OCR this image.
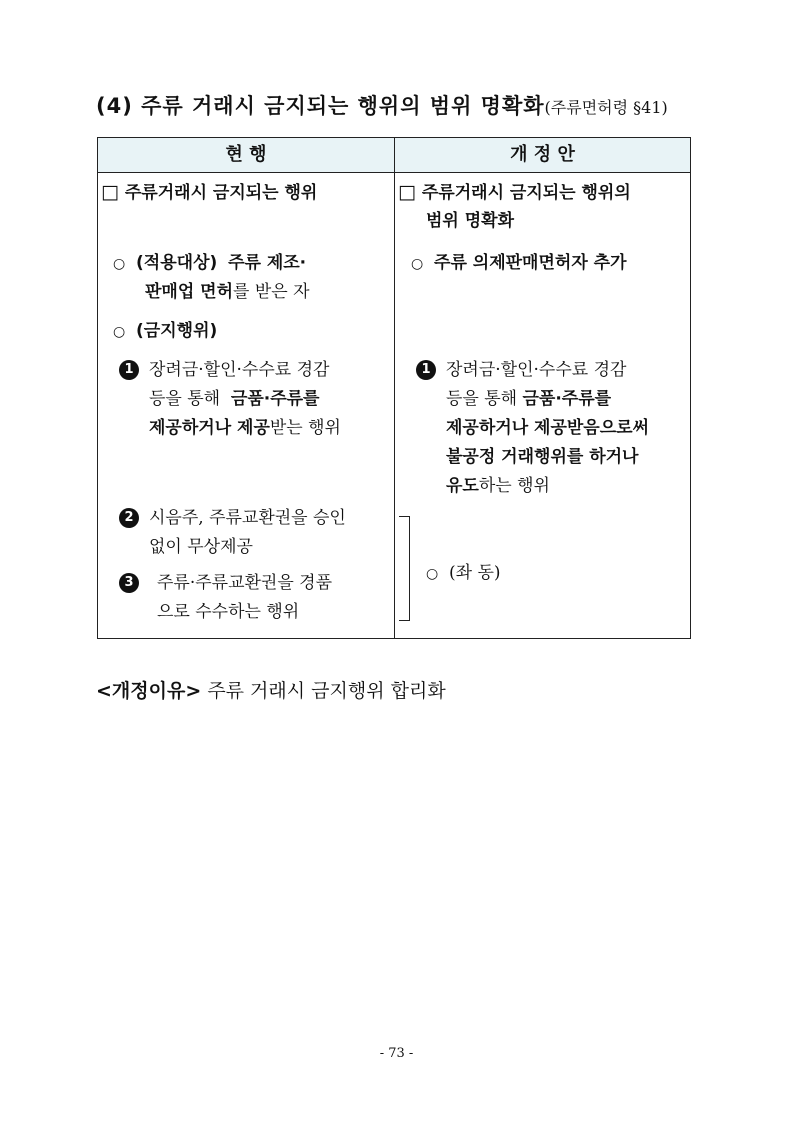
(4) 주류 거래시 금지되는 행위의 범위 명확화(주류면허령 §41)
현 행	개 정 안
□ 주류거래시 금지되는 행위
○ (적용대상) 주류 제조·
판매업 면허를 받은 자
○ (금지행위)
1 장려금·할인·수수료 경감
등을 통해 금품·주류를
제공하거나 제공받는 행위
2 시음주, 주류교환권을 승인
없이 무상제공
3	주류·주류교환권을 경품
으로 수수하는 행위
□ 주류거래시 금지되는 행위의
범위 명확화
○ 주류 의제판매면허자 추가
1 장려금·할인·수수료 경감
등을 통해 금품·주류를
제공하거나 제공받음으로써
불공정 거래행위를 하거나
유도하는 행위
○ (좌 동)
<개정이유> 주류 거래시 금지행위 합리화
- 73 -
